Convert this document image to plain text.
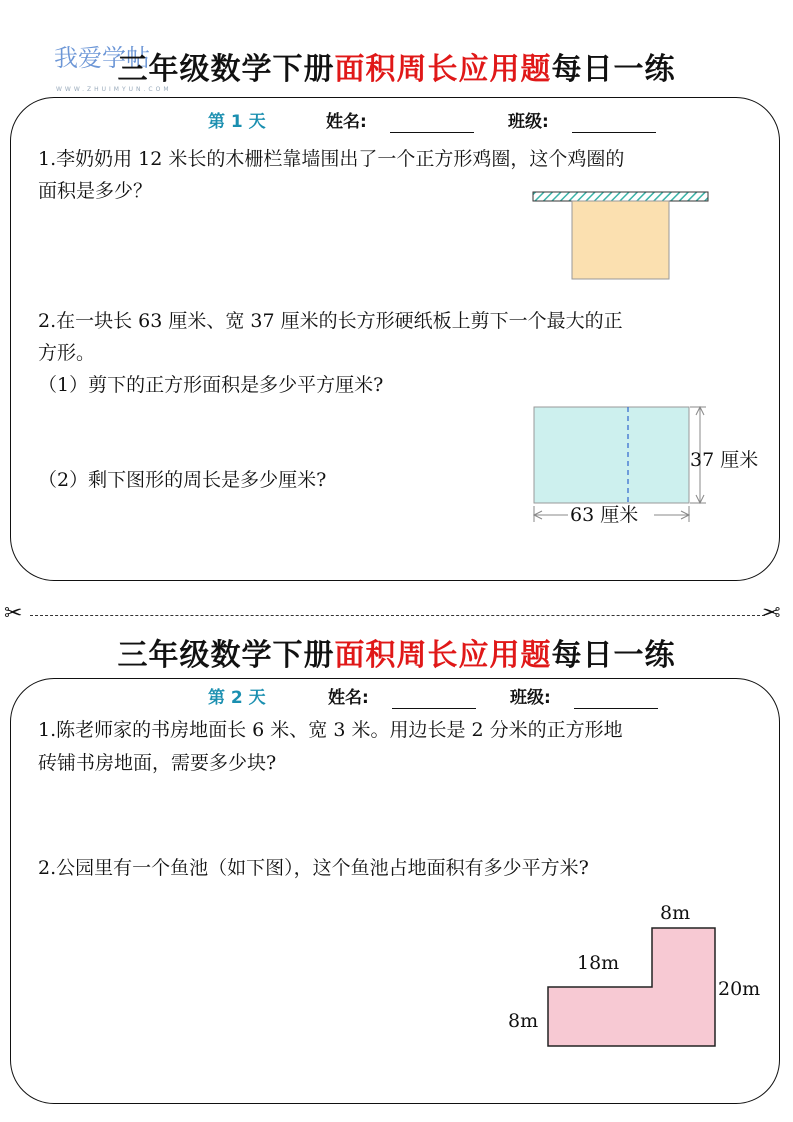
我爱学帖
WWW.ZHUIMYUN.COM
三年级数学下册面积周长应用题每日一练
第 1 天	姓名:	班级:
1.李奶奶用 12 米长的木栅栏靠墙围出了一个正方形鸡圈，这个鸡圈的
面积是多少？
2.在一块长 63 厘米、宽 37 厘米的长方形硬纸板上剪下一个最大的正
方形。
（1）剪下的正方形面积是多少平方厘米?
（2）剩下图形的周长是多少厘米?
37 厘米
63 厘米
✂	✂
三年级数学下册面积周长应用题每日一练
第 2 天	姓名:	班级:
1.陈老师家的书房地面长 6 米、宽 3 米。用边长是 2 分米的正方形地
砖铺书房地面，需要多少块?
2.公园里有一个鱼池（如下图），这个鱼池占地面积有多少平方米?
8m
18m
20m
8m
